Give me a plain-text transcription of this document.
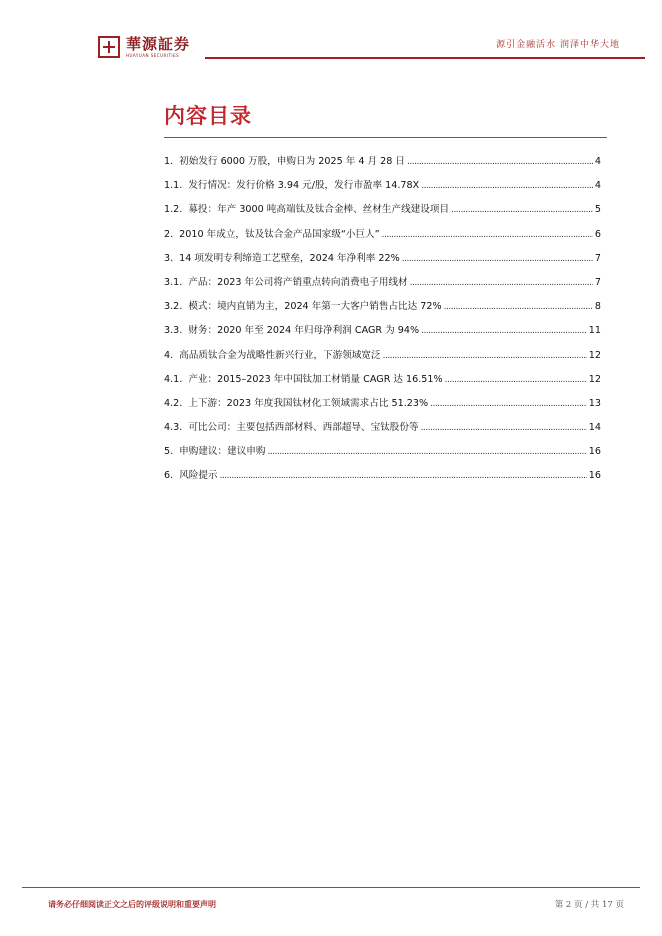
華源証券
HUAYUAN SECURITIES
源引金融活水 润泽中华大地
内容目录
1. 初始发行 6000 万股，申购日为 2025 年 4 月 28 日 .....	4
1.1. 发行情况：发行价格 3.94 元/股，发行市盈率 14.78X .....	4
1.2. 募投：年产 3000 吨高端钛及钛合金棒、丝材生产线建设项目 .....	5
2. 2010 年成立，钛及钛合金产品国家级“小巨人” .....	6
3. 14 项发明专利缔造工艺壁垒，2024 年净利率 22% .....	7
3.1. 产品：2023 年公司将产销重点转向消费电子用线材 .....	7
3.2. 模式：境内直销为主，2024 年第一大客户销售占比达 72% .....	8
3.3. 财务：2020 年至 2024 年归母净利润 CAGR 为 94% .....	11
4. 高品质钛合金为战略性新兴行业，下游领域宽泛 .....	12
4.1. 产业：2015–2023 年中国钛加工材销量 CAGR 达 16.51% .....	12
4.2. 上下游：2023 年度我国钛材化工领域需求占比 51.23% .....	13
4.3. 可比公司：主要包括西部材料、西部超导、宝钛股份等 .....	14
5. 申购建议：建议申购 .....	16
6. 风险提示 .....	16
请务必仔细阅读正文之后的评级说明和重要声明	第 2 页 / 共 17 页
